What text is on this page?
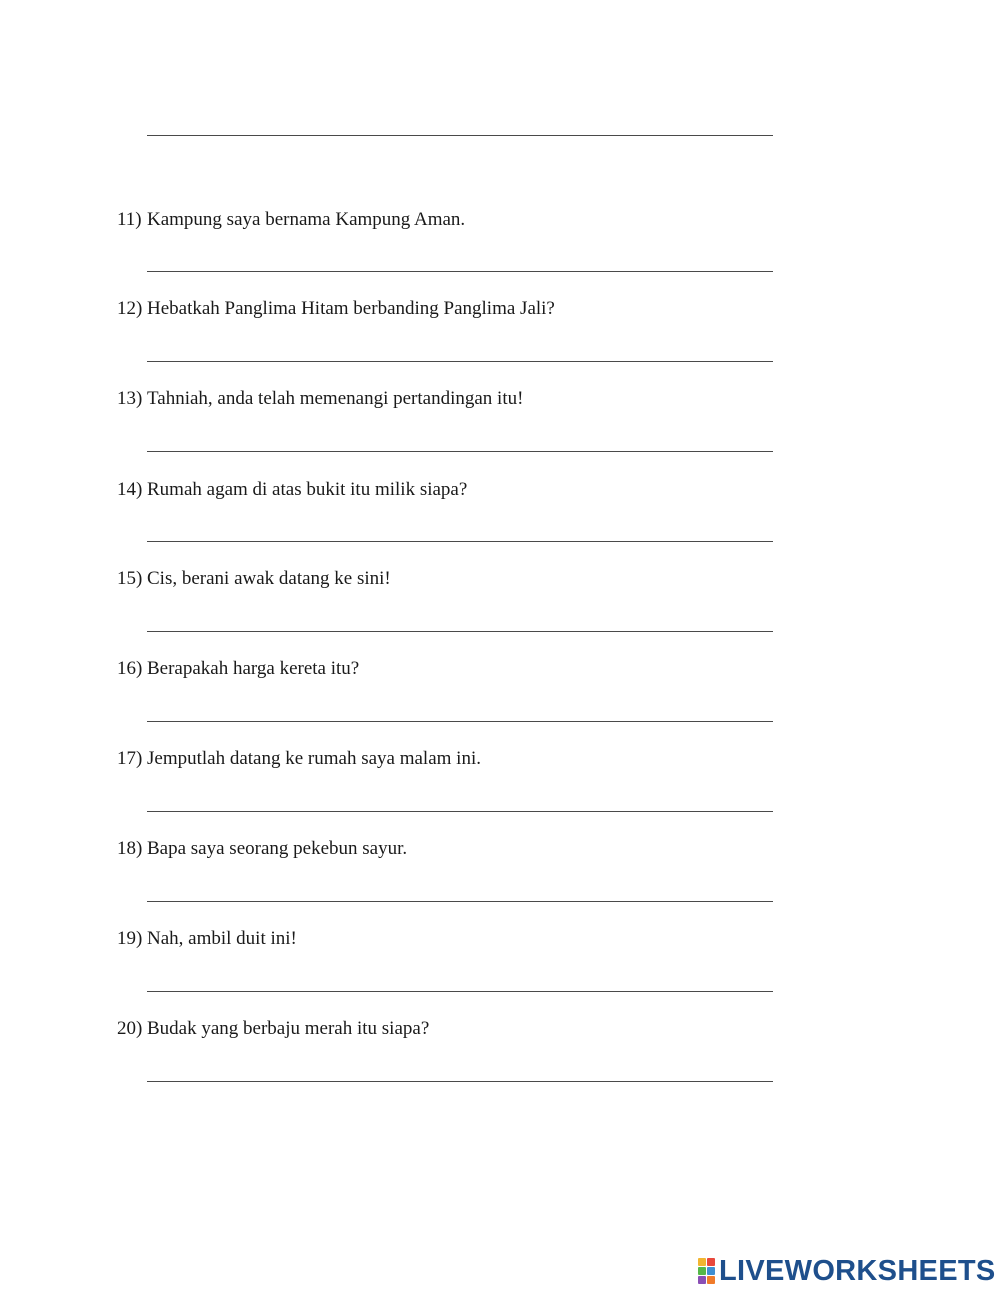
11) Kampung saya bernama Kampung Aman.
12) Hebatkah Panglima Hitam berbanding Panglima Jali?
13) Tahniah, anda telah memenangi pertandingan itu!
14) Rumah agam di atas bukit itu milik siapa?
15) Cis, berani awak datang ke sini!
16) Berapakah harga kereta itu?
17) Jemputlah datang ke rumah saya malam ini.
18) Bapa saya seorang pekebun sayur.
19) Nah, ambil duit ini!
20) Budak yang berbaju merah itu siapa?
LIVEWORKSHEETS
